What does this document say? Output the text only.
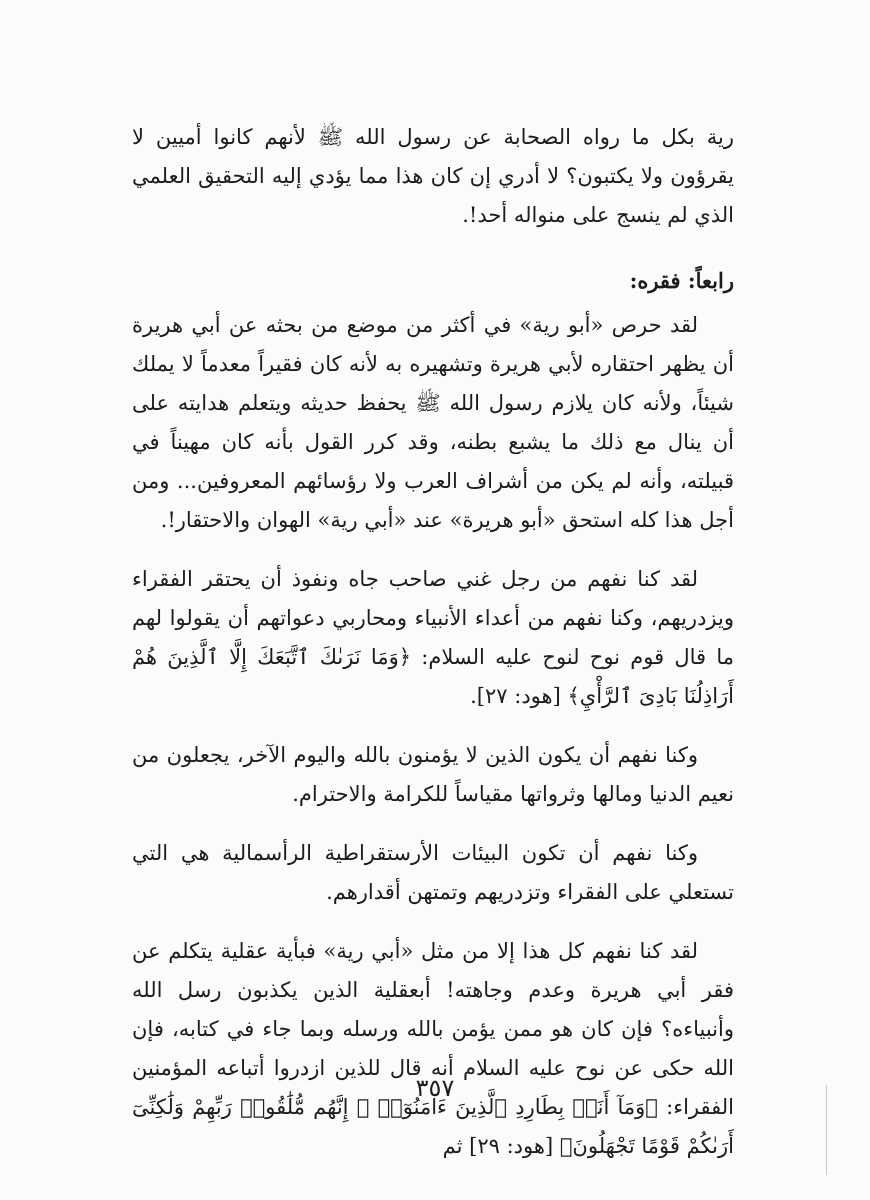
رية بكل ما رواه الصحابة عن رسول الله ﷺ لأنهم كانوا أميين لا يقرؤون ولا يكتبون؟ لا أدري إن كان هذا مما يؤدي إليه التحقيق العلمي الذي لم ينسج على منواله أحد!.

رابعاً: فقره:

لقد حرص «أبو رية» في أكثر من موضع من بحثه عن أبي هريرة أن يظهر احتقاره لأبي هريرة وتشهيره به لأنه كان فقيراً معدماً لا يملك شيئاً، ولأنه كان يلازم رسول الله ﷺ يحفظ حديثه ويتعلم هدايته على أن ينال مع ذلك ما يشبع بطنه، وقد كرر القول بأنه كان مهيناً في قبيلته، وأنه لم يكن من أشراف العرب ولا رؤسائهم المعروفين... ومن أجل هذا كله استحق «أبو هريرة» عند «أبي رية» الهوان والاحتقار!.

لقد كنا نفهم من رجل غني صاحب جاه ونفوذ أن يحتقر الفقراء ويزدريهم، وكنا نفهم من أعداء الأنبياء ومحاربي دعواتهم أن يقولوا لهم ما قال قوم نوح لنوح عليه السلام: ﴿وَمَا نَرَىٰكَ ٱتَّبَعَكَ إِلَّا ٱلَّذِينَ هُمْ أَرَاذِلُنَا بَادِىَ ٱلرَّأْيِ﴾ [هود: ٢٧].

وكنا نفهم أن يكون الذين لا يؤمنون بالله واليوم الآخر، يجعلون من نعيم الدنيا ومالها وثرواتها مقياساً للكرامة والاحترام.

وكنا نفهم أن تكون البيئات الأرستقراطية الرأسمالية هي التي تستعلي على الفقراء وتزدريهم وتمتهن أقدارهم.

لقد كنا نفهم كل هذا إلا من مثل «أبي رية» فبأية عقلية يتكلم عن فقر أبي هريرة وعدم وجاهته! أبعقلية الذين يكذبون رسل الله وأنبياءه؟ فإن كان هو ممن يؤمن بالله ورسله وبما جاء في كتابه، فإن الله حكى عن نوح عليه السلام أنه قال للذين ازدروا أتباعه المؤمنين الفقراء: ﴿وَمَآ أَنَا۠ بِطَارِدِ ٱلَّذِينَ ءَامَنُوٓا۟ ۚ إِنَّهُم مُّلَٰقُوا۟ رَبِّهِمْ وَلَٰكِنِّىٓ أَرَىٰكُمْ قَوْمًا تَجْهَلُونَ﴾ [هود: ٢٩] ثم

٣٥٧
